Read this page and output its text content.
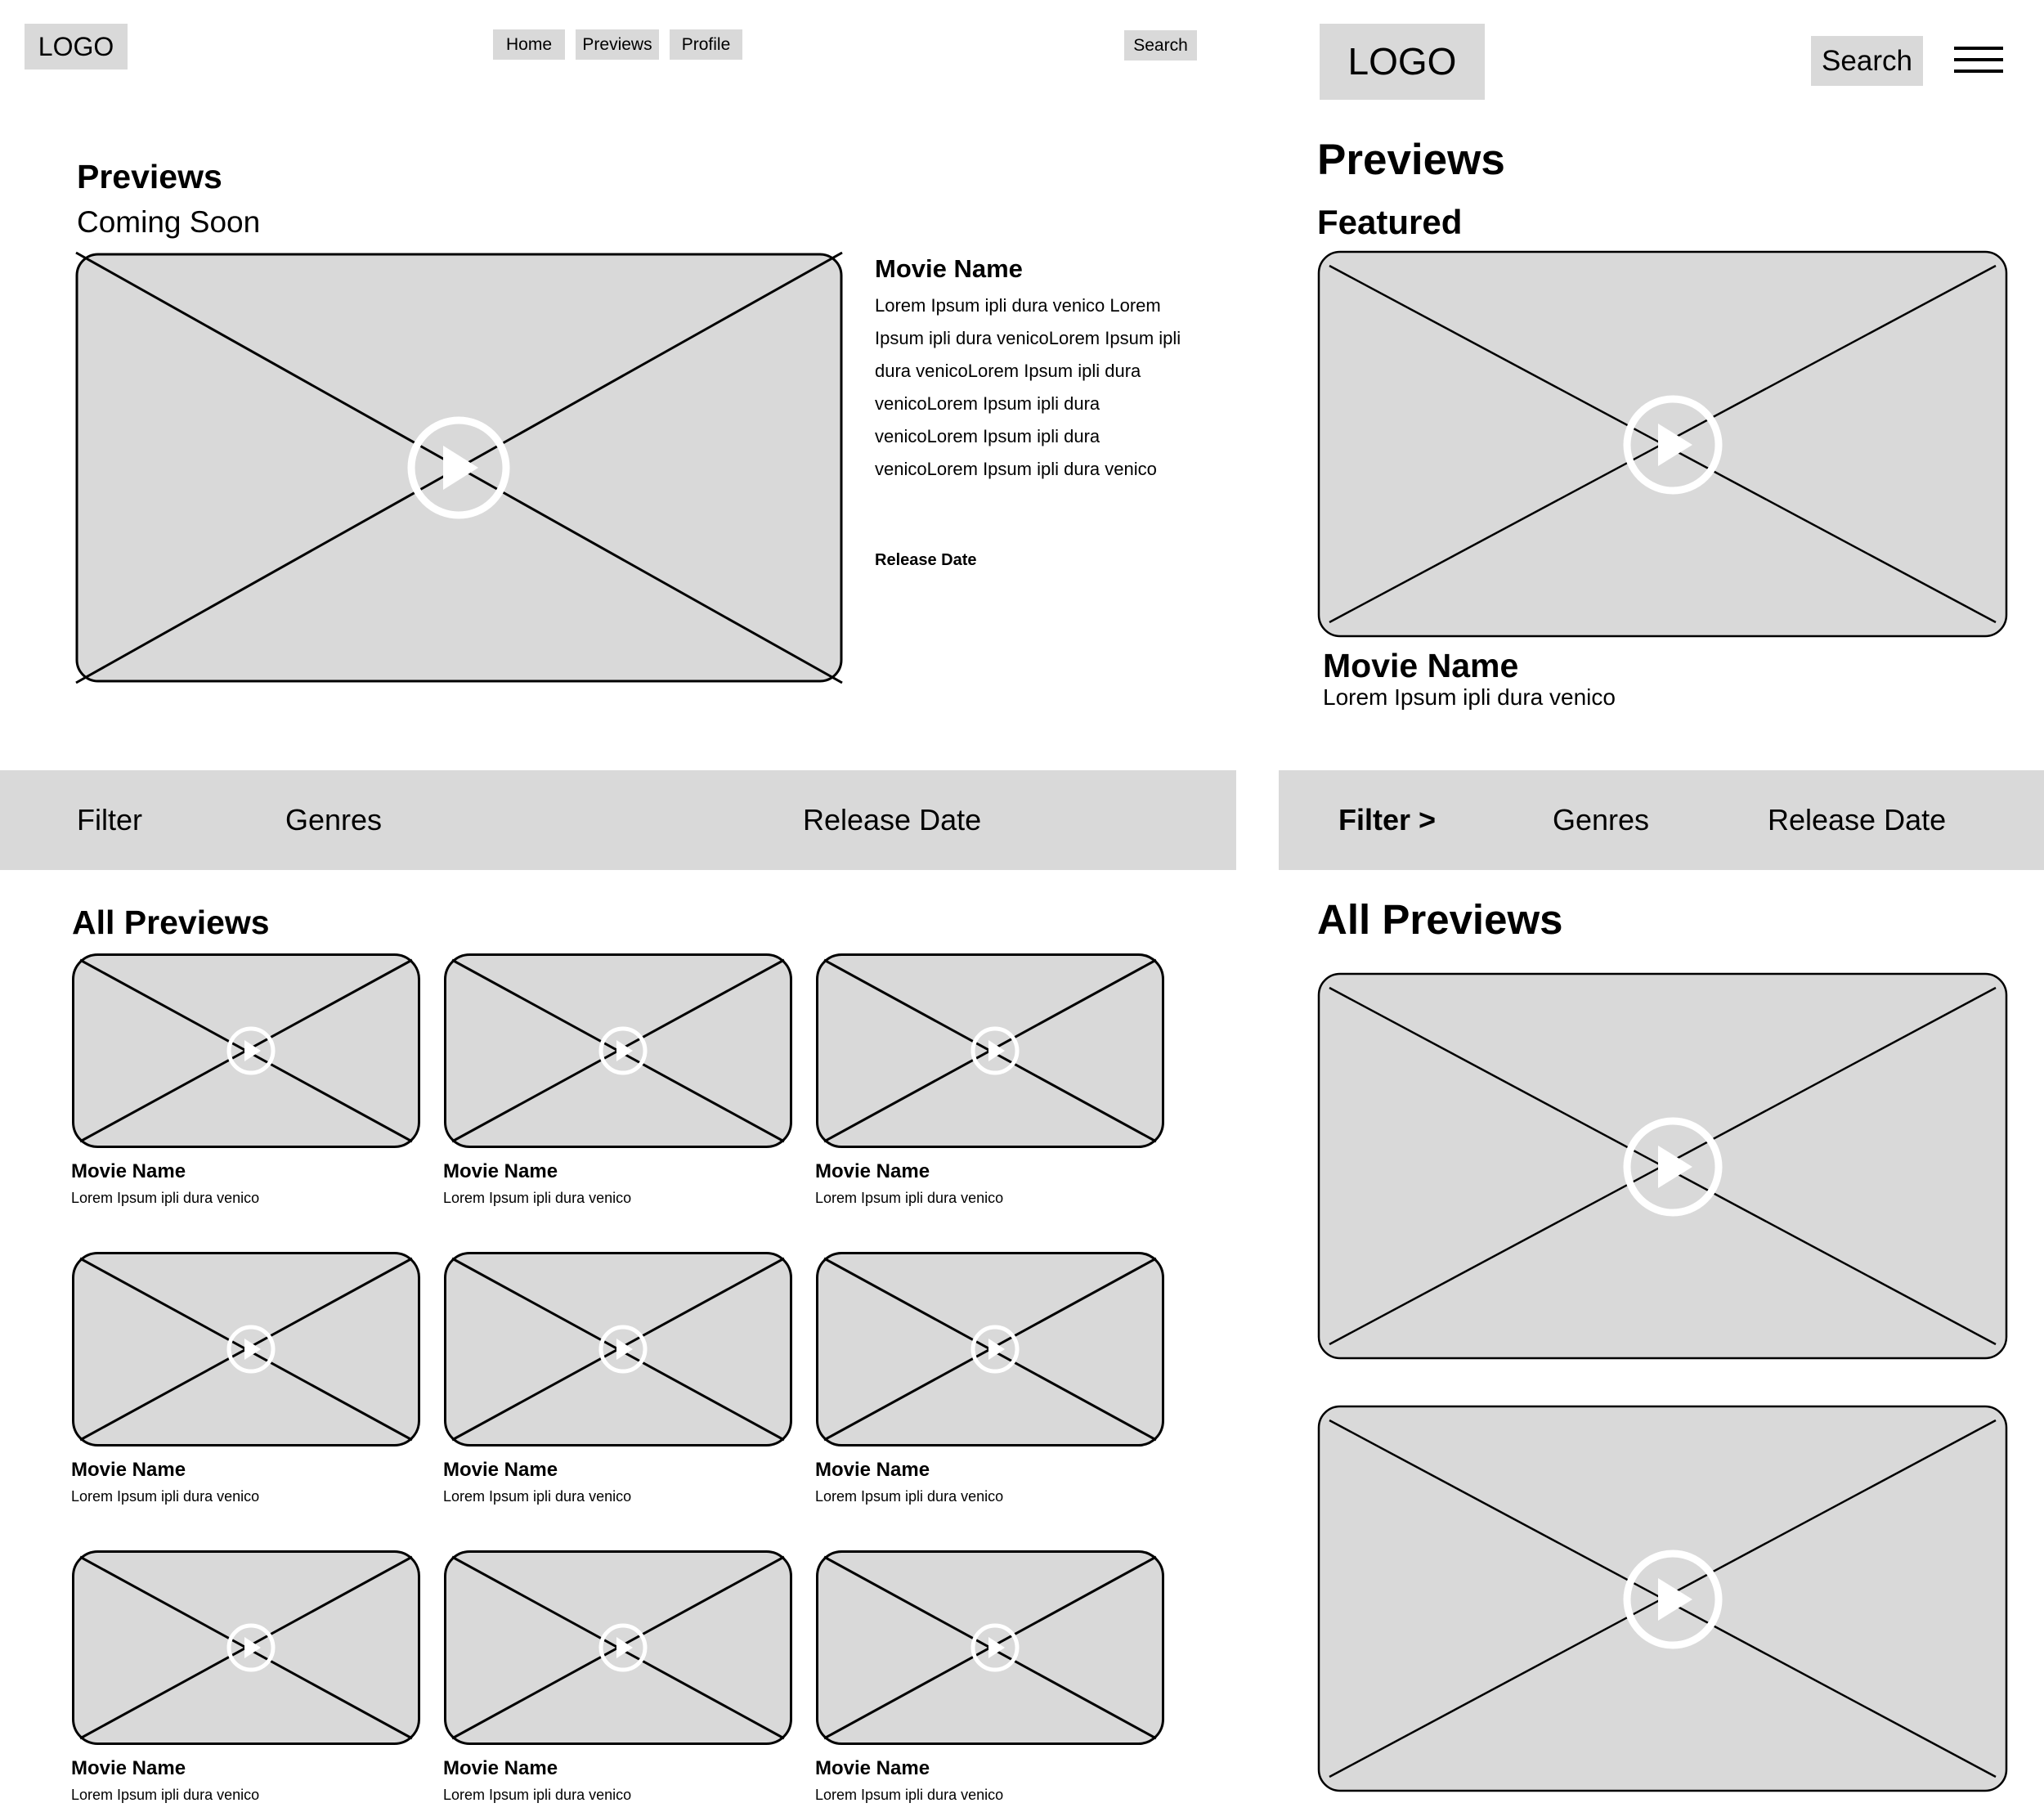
LOGO	Home	Previews	Profile	Search
Previews
Coming Soon
Movie Name
Lorem Ipsum ipli dura venico Lorem Ipsum ipli dura venicoLorem Ipsum ipli dura venicoLorem Ipsum ipli dura venicoLorem Ipsum ipli dura venicoLorem Ipsum ipli dura venicoLorem Ipsum ipli dura venico
Release Date
Filter	Genres	Release Date
All Previews
Movie Name
Lorem Ipsum ipli dura venico
Movie Name
Lorem Ipsum ipli dura venico
Movie Name
Lorem Ipsum ipli dura venico
Movie Name
Lorem Ipsum ipli dura venico
Movie Name
Lorem Ipsum ipli dura venico
Movie Name
Lorem Ipsum ipli dura venico
Movie Name
Lorem Ipsum ipli dura venico
Movie Name
Lorem Ipsum ipli dura venico
Movie Name
Lorem Ipsum ipli dura venico
LOGO	Search
Previews
Featured
Movie Name
Lorem Ipsum ipli dura venico
Filter >	Genres	Release Date
All Previews
